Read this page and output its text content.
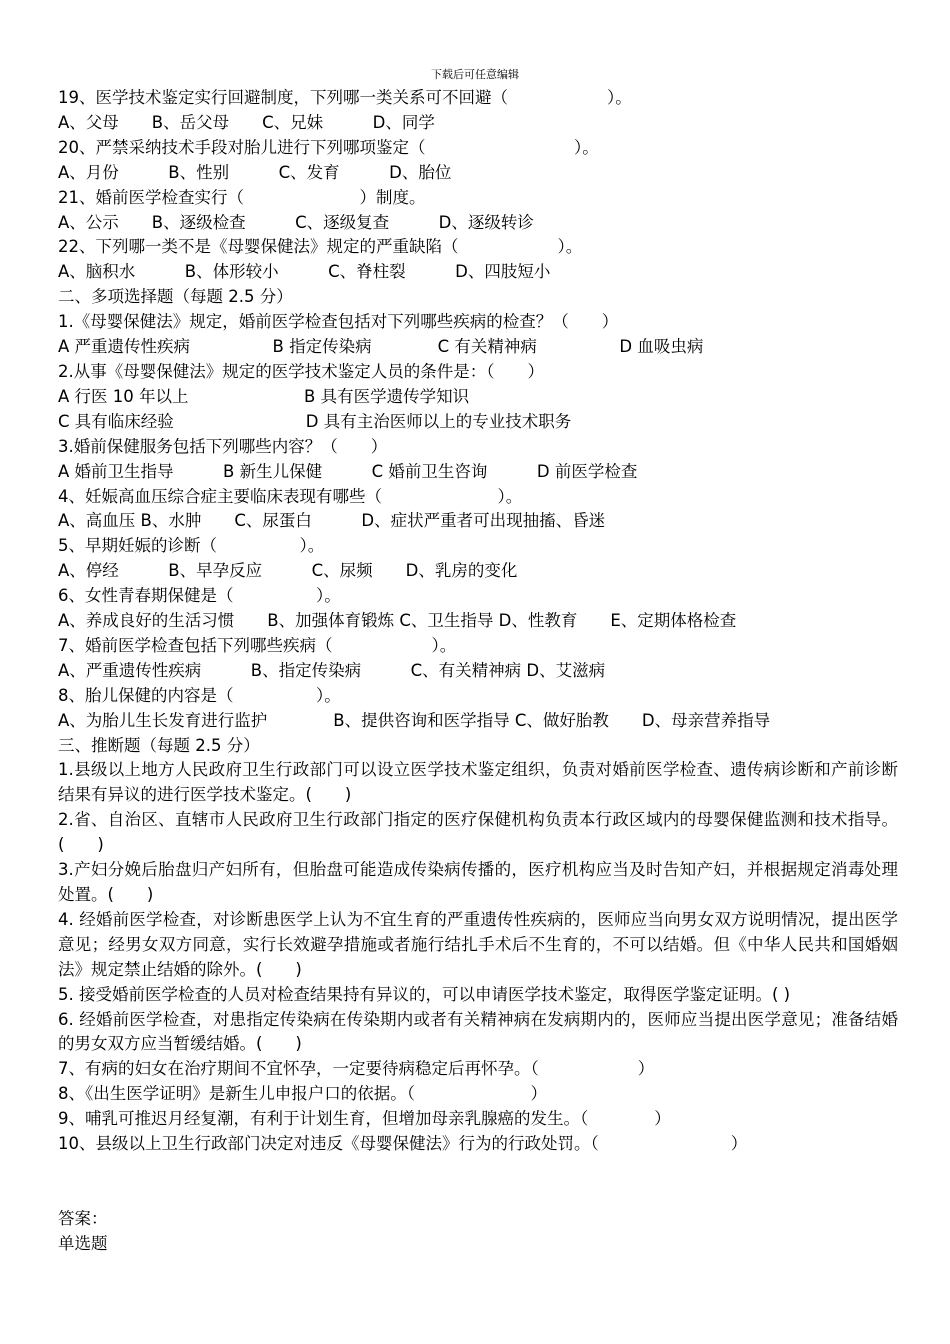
下载后可任意编辑
19、医学技术鉴定实行回避制度，下列哪一类关系可不回避（　　　　　　）。
A、父母　　B、岳父母　　C、兄妹　　　D、同学
20、严禁采纳技术手段对胎儿进行下列哪项鉴定（　　　　　　　　　）。
A、月份　　　B、性别　　　C、发育　　　D、胎位
21、婚前医学检查实行（　　　　　　　）制度。
A、公示　　B、逐级检查　　　C、逐级复查　　　D、逐级转诊
22、下列哪一类不是《母婴保健法》规定的严重缺陷（　　　　　　）。
A、脑积水　　　B、体形较小　　　C、脊柱裂　　　D、四肢短小
二、多项选择题（每题 2.5 分）
1.《母婴保健法》规定，婚前医学检查包括对下列哪些疾病的检查？（　　）
A 严重遗传性疾病　　　　　B 指定传染病　　　　C 有关精神病　　　　　D 血吸虫病
2.从事《母婴保健法》规定的医学技术鉴定人员的条件是：（　　）
A 行医 10 年以上　　　　　　　B 具有医学遗传学知识
C 具有临床经验　　　　　　　　D 具有主治医师以上的专业技术职务
3.婚前保健服务包括下列哪些内容？（　　）
A 婚前卫生指导　　　B 新生儿保健　　　C 婚前卫生咨询　　　D 前医学检查
4、妊娠高血压综合症主要临床表现有哪些（　　　　　　　）。
A、高血压 B、水肿　　C、尿蛋白　　　D、症状严重者可出现抽搐、昏迷
5、早期妊娠的诊断（　　　　　）。
A、停经　　　B、早孕反应　　　C、尿频　　D、乳房的变化
6、女性青春期保健是（　　　　　）。
A、养成良好的生活习惯　　B、加强体育锻炼 C、卫生指导 D、性教育　　E、定期体格检查
7、婚前医学检查包括下列哪些疾病（　　　　　　）。
A、严重遗传性疾病　　　B、指定传染病　　　C、有关精神病 D、艾滋病
8、胎儿保健的内容是（　　　　　）。
A、为胎儿生长发育进行监护　　　　B、提供咨询和医学指导 C、做好胎教　　D、母亲营养指导
三、推断题（每题 2.5 分）
1.县级以上地方人民政府卫生行政部门可以设立医学技术鉴定组织，负责对婚前医学检查、遗传病诊断和产前诊断结果有异议的进行医学技术鉴定。(　　)
2.省、自治区、直辖市人民政府卫生行政部门指定的医疗保健机构负责本行政区域内的母婴保健监测和技术指导。(　　)
3.产妇分娩后胎盘归产妇所有，但胎盘可能造成传染病传播的，医疗机构应当及时告知产妇，并根据规定消毒处理处置。(　　)
4. 经婚前医学检查，对诊断患医学上认为不宜生育的严重遗传性疾病的，医师应当向男女双方说明情况，提出医学意见；经男女双方同意，实行长效避孕措施或者施行结扎手术后不生育的，不可以结婚。但《中华人民共和国婚姻法》规定禁止结婚的除外。(　　)
5. 接受婚前医学检查的人员对检查结果持有异议的，可以申请医学技术鉴定，取得医学鉴定证明。( )
6. 经婚前医学检查，对患指定传染病在传染期内或者有关精神病在发病期内的，医师应当提出医学意见；准备结婚的男女双方应当暂缓结婚。(　　)
7、有病的妇女在治疗期间不宜怀孕，一定要待病稳定后再怀孕。（　　　　　　）
8、《出生医学证明》是新生儿申报户口的依据。（　　　　　　　）
9、哺乳可推迟月经复潮，有利于计划生育，但增加母亲乳腺癌的发生。（　　　　）
10、县级以上卫生行政部门决定对违反《母婴保健法》行为的行政处罚。（　　　　　　　　）
答案：
单选题
